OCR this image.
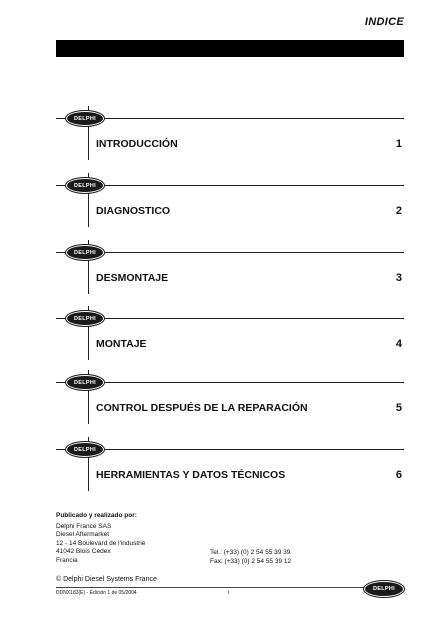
INDICE
DELPHI
INTRODUCCIÓN	1
DELPHI
DIAGNOSTICO	2
DELPHI
DESMONTAJE	3
DELPHI
MONTAJE	4
DELPHI
CONTROL DESPUÉS DE LA REPARACIÓN	5
DELPHI
HERRAMIENTAS Y DATOS TÉCNICOS	6
Publicado y realizado por:
Delphi France SAS
Diesel Aftermarket
12 - 14 Boulevard de l'industrie
41042 Blois Cedex
Francia
Tel.: (+33) (0) 2 54 55 39 39
Fax: (+33) (0) 2 54 55 39 12
© Delphi Diesel Systems France
DDNX183(E) - Edición 1 de 05/2004	i
DELPHI
